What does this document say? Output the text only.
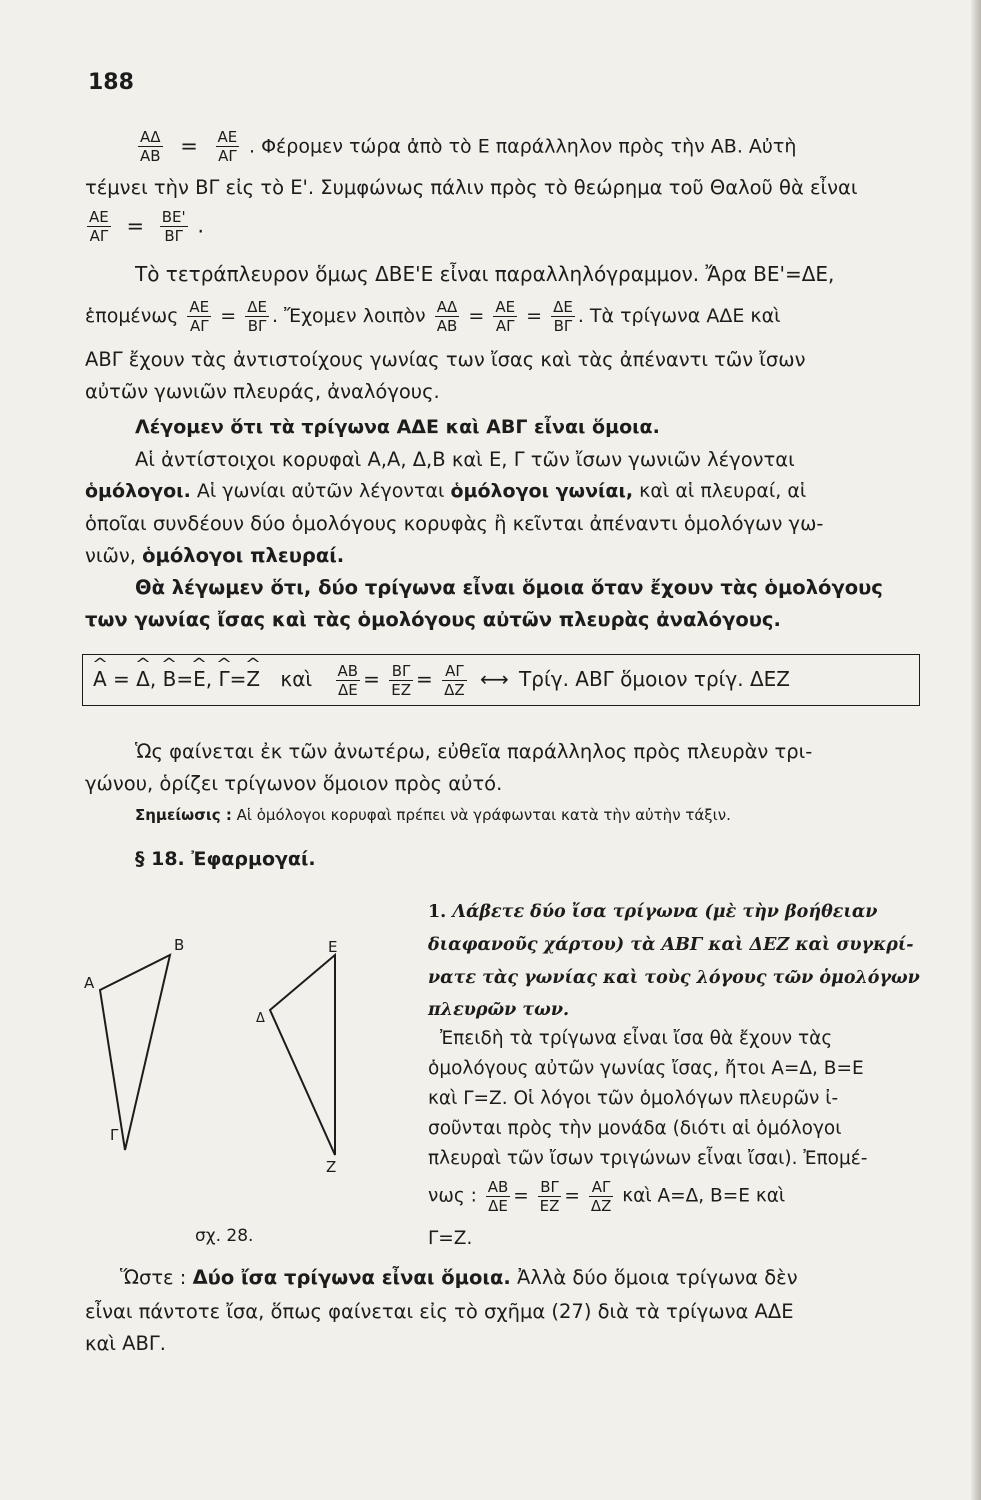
188
$\frac{A\Delta}{AB} = \frac{AE}{A\Gamma}$ . Φέρομεν τώρα ἀπὸ τὸ Ε παράλληλον πρὸς τὴν ΑΒ. Αὐτὴ
τέμνει τὴν ΒΓ εἰς τὸ Ε'. Συμφώνως πάλιν πρὸς τὸ θεώρημα τοῦ Θαλοῦ θὰ εἶναι
$\frac{AE}{A\Gamma} = \frac{BE'}{B\Gamma}$ .
Τὸ τετράπλευρον ὅμως ΔΒΕ'Ε εἶναι παραλληλόγραμμον. Ἄρα ΒΕ'=ΔΕ,
ἑπομένως $\frac{AE}{A\Gamma} = \frac{\Delta E}{B\Gamma}$ . Ἔχομεν λοιπὸν $\frac{A\Delta}{AB} = \frac{AE}{A\Gamma} = \frac{\Delta E}{B\Gamma}$ . Τὰ τρίγωνα ΑΔΕ καὶ
ΑΒΓ ἔχουν τὰς ἀντιστοίχους γωνίας των ἴσας καὶ τὰς ἀπέναντι τῶν ἴσων
αὐτῶν γωνιῶν πλευράς, ἀναλόγους.
Λέγομεν ὅτι τὰ τρίγωνα ΑΔΕ καὶ ΑΒΓ εἶναι ὅμοια.
Αἱ ἀντίστοιχοι κορυφαὶ Α,Α, Δ,Β καὶ Ε, Γ τῶν ἴσων γωνιῶν λέγονται
ὁμόλογοι. Αἱ γωνίαι αὐτῶν λέγονται ὁμόλογοι γωνίαι, καὶ αἱ πλευραί, αἱ
ὁποῖαι συνδέουν δύο ὁμολόγους κορυφὰς ἢ κεῖνται ἀπέναντι ὁμολόγων γω-
νιῶν, ὁμόλογοι πλευραί.
Θὰ λέγωμεν ὅτι, δύο τρίγωνα εἶναι ὅμοια ὅταν ἔχουν τὰς ὁμολόγους
των γωνίας ἴσας καὶ τὰς ὁμολόγους αὐτῶν πλευρὰς ἀναλόγους.
^ Α = ^ Δ, ^ Β=^ Ε, ^ Γ=^ Ζ καὶ $\frac{AB}{\Delta E} = \frac{B\Gamma}{EZ} = \frac{A\Gamma}{\Delta Z}$ ⟷ Τρίγ. ΑΒΓ ὅμοιον τρίγ. ΔΕΖ
Ὡς φαίνεται ἐκ τῶν ἀνωτέρω, εὐθεῖα παράλληλος πρὸς πλευρὰν τρι-
γώνου, ὁρίζει τρίγωνον ὅμοιον πρὸς αὐτό.
Σημείωσις : Αἱ ὁμόλογοι κορυφαὶ πρέπει νὰ γράφωνται κατὰ τὴν αὐτὴν τάξιν.
§ 18. Ἐφαρμογαί.
1. Λάβετε δύο ἴσα τρίγωνα (μὲ τὴν βοήθειαν
διαφανοῦς χάρτου) τὰ ΑΒΓ καὶ ΔΕΖ καὶ συγκρί-
νατε τὰς γωνίας καὶ τοὺς λόγους τῶν ὁμολόγων
πλευρῶν των.
Ἐπειδὴ τὰ τρίγωνα εἶναι ἴσα θὰ ἔχουν τὰς
ὁμολόγους αὐτῶν γωνίας ἴσας, ἤτοι Α=Δ, Β=Ε
καὶ Γ=Ζ. Οἱ λόγοι τῶν ὁμολόγων πλευρῶν ἰ-
σοῦνται πρὸς τὴν μονάδα (διότι αἱ ὁμόλογοι
πλευραὶ τῶν ἴσων τριγώνων εἶναι ἴσαι). Ἐπομέ-
νως : $\frac{AB}{\Delta E} = \frac{B\Gamma}{EZ} = \frac{A\Gamma}{\Delta Z}$ καὶ Α=Δ, Β=Ε καὶ
Γ=Ζ.
Α
Β
Γ
Δ
Ε
Ζ
σχ. 28.
Ὥστε : Δύο ἴσα τρίγωνα εἶναι ὅμοια. Ἀλλὰ δύο ὅμοια τρίγωνα δὲν
εἶναι πάντοτε ἴσα, ὅπως φαίνεται εἰς τὸ σχῆμα (27) διὰ τὰ τρίγωνα ΑΔΕ
καὶ ΑΒΓ.
